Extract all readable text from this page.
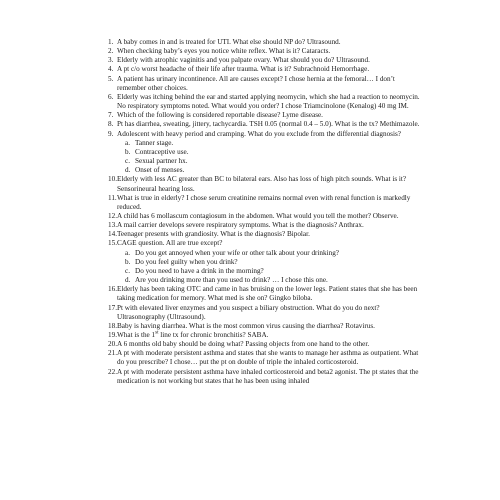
1. A baby comes in and is treated for UTI. What else should NP do? Ultrasound.
2. When checking baby’s eyes you notice white reflex. What is it? Cataracts.
3. Elderly with atrophic vaginitis and you palpate ovary. What should you do? Ultrasound.
4. A pt c/o worst headache of their life after trauma. What is it? Subrachnoid Hemorrhage.
5. A patient has urinary incontinence. All are causes except? I chose hernia at the femoral… I don’t remember other choices.
6. Elderly was itching behind the ear and started applying neomycin, which she had a reaction to neomycin. No respiratory symptoms noted. What would you order? I chose Triamcinolone (Kenalog) 40 mg IM.
7. Which of the following is considered reportable disease? Lyme disease.
8. Pt has diarrhea, sweating, jittery, tachycardia. TSH 0.05 (normal 0.4 – 5.0). What is the tx? Methimazole.
9. Adolescent with heavy period and cramping. What do you exclude from the differential diagnosis?
a. Tanner stage.
b. Contraceptive use.
c. Sexual partner hx.
d. Onset of menses.
10. Elderly with less AC greater than BC to bilateral ears. Also has loss of high pitch sounds. What is it? Sensorineural hearing loss.
11. What is true in elderly? I chose serum creatinine remains normal even with renal function is markedly reduced.
12. A child has 6 mollascum contagiosum in the abdomen. What would you tell the mother? Observe.
13. A mail carrier develops severe respiratory symptoms. What is the diagnosis? Anthrax.
14. Teenager presents with grandiosity. What is the diagnosis? Bipolar.
15. CAGE question. All are true except?
a. Do you get annoyed when your wife or other talk about your drinking?
b. Do you feel guilty when you drink?
c. Do you need to have a drink in the morning?
d. Are you drinking more than you used to drink? … I chose this one.
16. Elderly has been taking OTC and came in has bruising on the lower legs. Patient states that she has been taking medication for memory. What med is she on? Gingko biloba.
17. Pt with elevated liver enzymes and you suspect a biliary obstruction. What do you do next? Ultrasonography (Ultrasound).
18. Baby is having diarrhea. What is the most common virus causing the diarrhea? Rotavirus.
19. What is the 1st line tx for chronic bronchitis? SABA.
20. A 6 months old baby should be doing what? Passing objects from one hand to the other.
21. A pt with moderate persistent asthma and states that she wants to manage her asthma as outpatient. What do you prescribe? I chose… put the pt on double of triple the inhaled corticosteroid.
22. A pt with moderate persistent asthma have inhaled corticosteroid and beta2 agonist. The pt states that the medication is not working but states that he has been using inhaled
